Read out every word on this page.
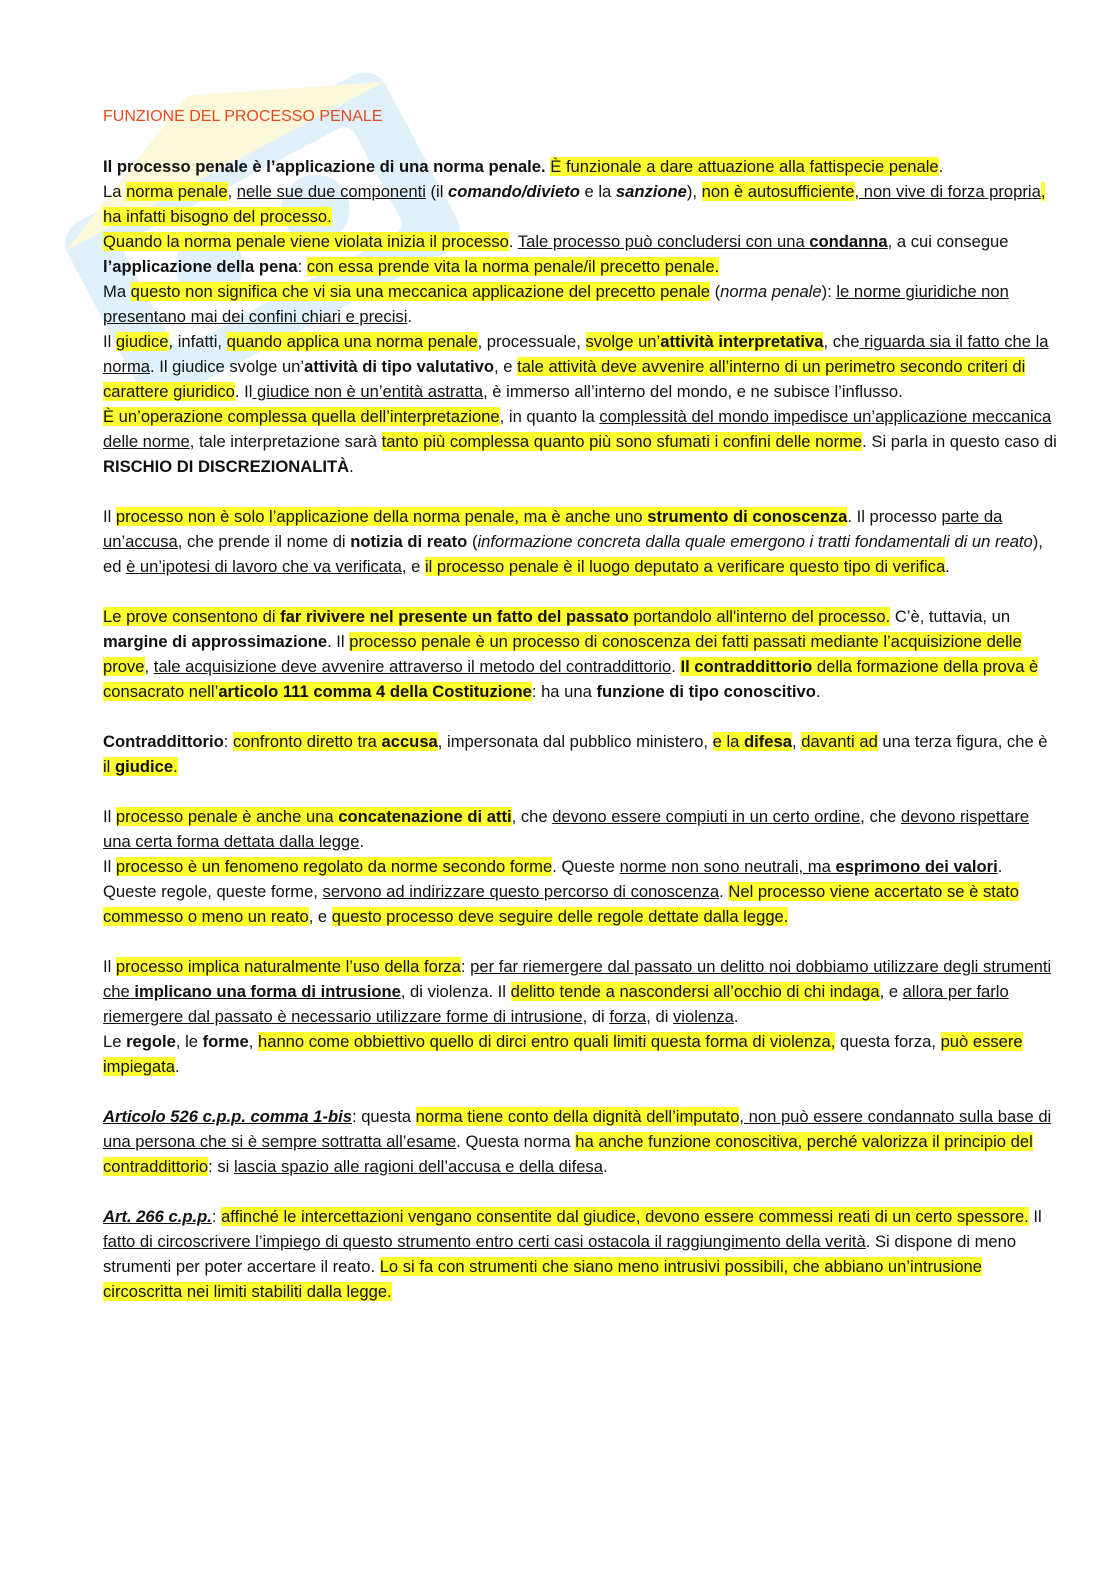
FUNZIONE DEL PROCESSO PENALE

Il processo penale è l’applicazione di una norma penale. È funzionale a dare attuazione alla fattispecie penale.

La norma penale, nelle sue due componenti (il comando/divieto e la sanzione), non è autosufficiente, non vive di forza propria, ha infatti bisogno del processo.

Quando la norma penale viene violata inizia il processo. Tale processo può concludersi con una condanna, a cui consegue l’applicazione della pena: con essa prende vita la norma penale/il precetto penale.

Ma questo non significa che vi sia una meccanica applicazione del precetto penale (norma penale): le norme giuridiche non presentano mai dei confini chiari e precisi.

Il giudice, infatti, quando applica una norma penale, processuale, svolge un’attività interpretativa, che riguarda sia il fatto che la norma. Il giudice svolge un’attività di tipo valutativo, e tale attività deve avvenire all’interno di un perimetro secondo criteri di carattere giuridico. Il giudice non è un’entità astratta, è immerso all’interno del mondo, e ne subisce l’influsso.

È un’operazione complessa quella dell’interpretazione, in quanto la complessità del mondo impedisce un’applicazione meccanica delle norme, tale interpretazione sarà tanto più complessa quanto più sono sfumati i confini delle norme. Si parla in questo caso di RISCHIO DI DISCREZIONALITÀ.

Il processo non è solo l’applicazione della norma penale, ma è anche uno strumento di conoscenza. Il processo parte da un’accusa, che prende il nome di notizia di reato (informazione concreta dalla quale emergono i tratti fondamentali di un reato), ed è un’ipotesi di lavoro che va verificata, e il processo penale è il luogo deputato a verificare questo tipo di verifica.

Le prove consentono di far rivivere nel presente un fatto del passato portandolo all'interno del processo. C’è, tuttavia, un margine di approssimazione. Il processo penale è un processo di conoscenza dei fatti passati mediante l’acquisizione delle prove, tale acquisizione deve avvenire attraverso il metodo del contraddittorio. Il contraddittorio della formazione della prova è consacrato nell’articolo 111 comma 4 della Costituzione: ha una funzione di tipo conoscitivo.

Contraddittorio: confronto diretto tra accusa, impersonata dal pubblico ministero, e la difesa, davanti ad una terza figura, che è il giudice.

Il processo penale è anche una concatenazione di atti, che devono essere compiuti in un certo ordine, che devono rispettare una certa forma dettata dalla legge.

Il processo è un fenomeno regolato da norme secondo forme. Queste norme non sono neutrali, ma esprimono dei valori.

Queste regole, queste forme, servono ad indirizzare questo percorso di conoscenza. Nel processo viene accertato se è stato commesso o meno un reato, e questo processo deve seguire delle regole dettate dalla legge.

Il processo implica naturalmente l’uso della forza: per far riemergere dal passato un delitto noi dobbiamo utilizzare degli strumenti che implicano una forma di intrusione, di violenza. Il delitto tende a nascondersi all’occhio di chi indaga, e allora per farlo riemergere dal passato è necessario utilizzare forme di intrusione, di forza, di violenza.

Le regole, le forme, hanno come obbiettivo quello di dirci entro quali limiti questa forma di violenza, questa forza, può essere impiegata.

Articolo 526 c.p.p. comma 1-bis: questa norma tiene conto della dignità dell’imputato, non può essere condannato sulla base di una persona che si è sempre sottratta all’esame. Questa norma ha anche funzione conoscitiva, perché valorizza il principio del contraddittorio: si lascia spazio alle ragioni dell’accusa e della difesa.

Art. 266 c.p.p.: affinché le intercettazioni vengano consentite dal giudice, devono essere commessi reati di un certo spessore. Il fatto di circoscrivere l’impiego di questo strumento entro certi casi ostacola il raggiungimento della verità. Si dispone di meno strumenti per poter accertare il reato. Lo si fa con strumenti che siano meno intrusivi possibili, che abbiano un’intrusione circoscritta nei limiti stabiliti dalla legge.
